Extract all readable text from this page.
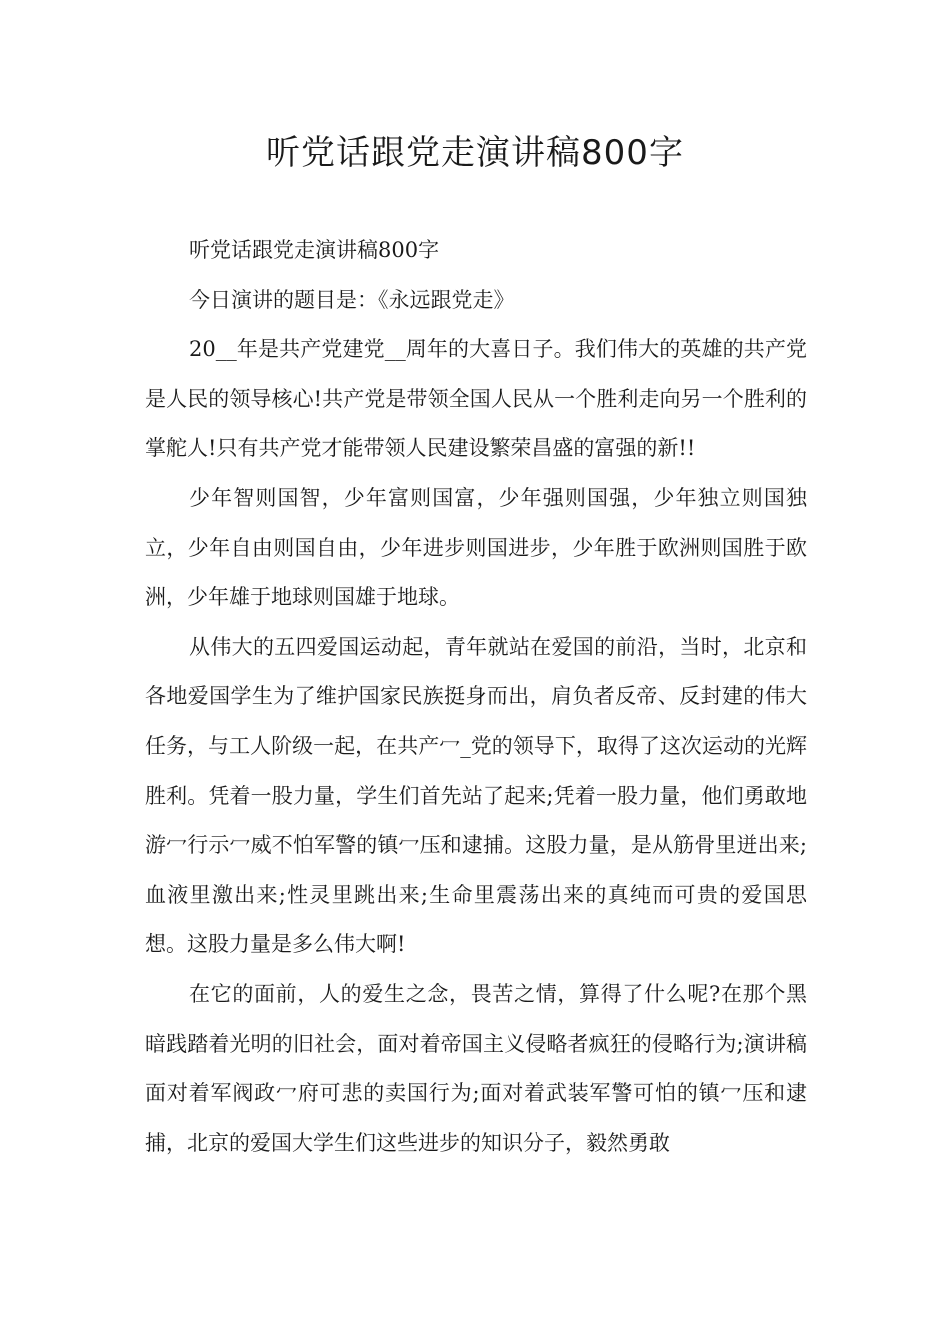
听党话跟党走演讲稿800字

听党话跟党走演讲稿800字

今日演讲的题目是：《永远跟党走》

20__年是共产党建党__周年的大喜日子。我们伟大的英雄的共产党是人民的领导核心!共产党是带领全国人民从一个胜利走向另一个胜利的掌舵人!只有共产党才能带领人民建设繁荣昌盛的富强的新!!

少年智则国智，少年富则国富，少年强则国强，少年独立则国独立，少年自由则国自由，少年进步则国进步，少年胜于欧洲则国胜于欧洲，少年雄于地球则国雄于地球。

从伟大的五四爱国运动起，青年就站在爱国的前沿，当时，北京和各地爱国学生为了维护国家民族挺身而出，肩负者反帝、反封建的伟大任务，与工人阶级一起，在共产冖_党的领导下，取得了这次运动的光辉胜利。凭着一股力量，学生们首先站了起来;凭着一股力量，他们勇敢地游冖行示冖威不怕军警的镇冖压和逮捕。这股力量，是从筋骨里迸出来;血液里激出来;性灵里跳出来;生命里震荡出来的真纯而可贵的爱国思想。这股力量是多么伟大啊!

在它的面前，人的爱生之念，畏苦之情，算得了什么呢?在那个黑暗践踏着光明的旧社会，面对着帝国主义侵略者疯狂的侵略行为;演讲稿面对着军阀政冖府可悲的卖国行为;面对着武装军警可怕的镇冖压和逮捕，北京的爱国大学生们这些进步的知识分子，毅然勇敢
